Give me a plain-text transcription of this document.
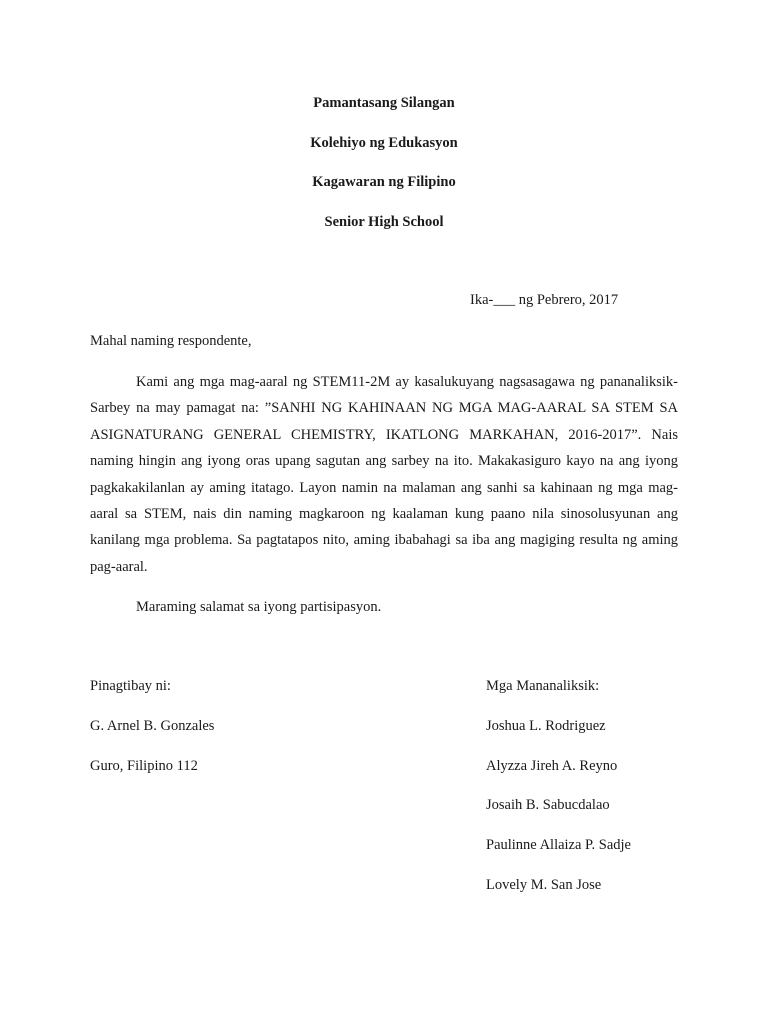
Pamantasang Silangan

Kolehiyo ng Edukasyon

Kagawaran ng Filipino

Senior High School

Ika-___ ng Pebrero, 2017
Mahal naming respondente,

Kami ang mga mag-aaral ng STEM11-2M ay kasalukuyang nagsasagawa ng pananaliksik-Sarbey na may pamagat na: ”SANHI NG KAHINAAN NG MGA MAG-AARAL SA STEM SA ASIGNATURANG GENERAL CHEMISTRY, IKATLONG MARKAHAN, 2016-2017”. Nais naming hingin ang iyong oras upang sagutan ang sarbey na ito. Makakasiguro kayo na ang iyong pagkakakilanlan ay aming itatago. Layon namin na malaman ang sanhi sa kahinaan ng mga mag-aaral sa STEM, nais din naming magkaroon ng kaalaman kung paano nila sinosolusyunan ang kanilang mga problema. Sa pagtatapos nito, aming ibabahagi sa iba ang magiging resulta ng aming pag-aaral.

Maraming salamat sa iyong partisipasyon.
Pinagtibay ni:
G. Arnel B. Gonzales
Guro, Filipino 112
Mga Mananaliksik:
Joshua L. Rodriguez
Alyzza Jireh A. Reyno
Josaih B. Sabucdalao
Paulinne Allaiza P. Sadje
Lovely M. San Jose
